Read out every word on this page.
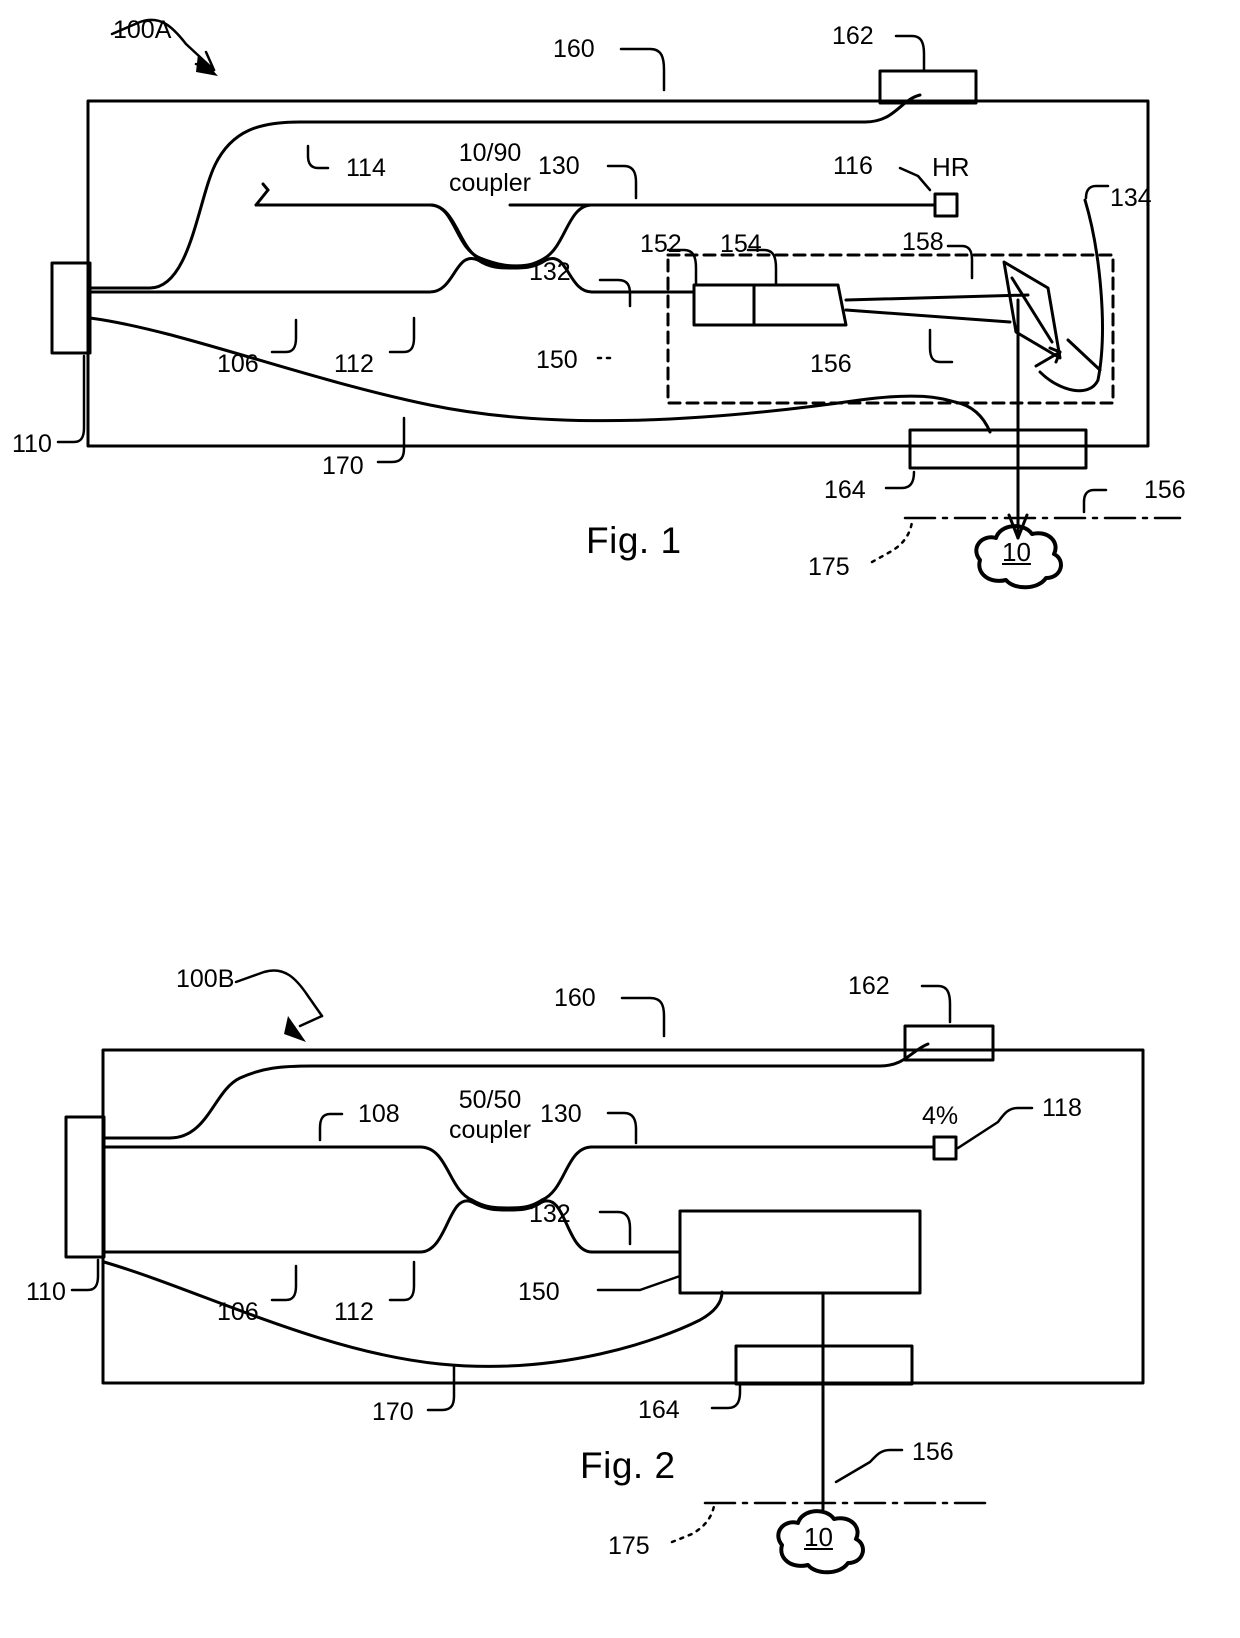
100A
160	162
114
10/90
coupler
130	116 HR
134
152 154	158
132
106	112	150	156
110
170
164	156
175	10
Fig. 1
100B
160	162
108	50/50
coupler
130	4%	118
132
106	112
150
110
170	164
156
175	10
Fig. 2
